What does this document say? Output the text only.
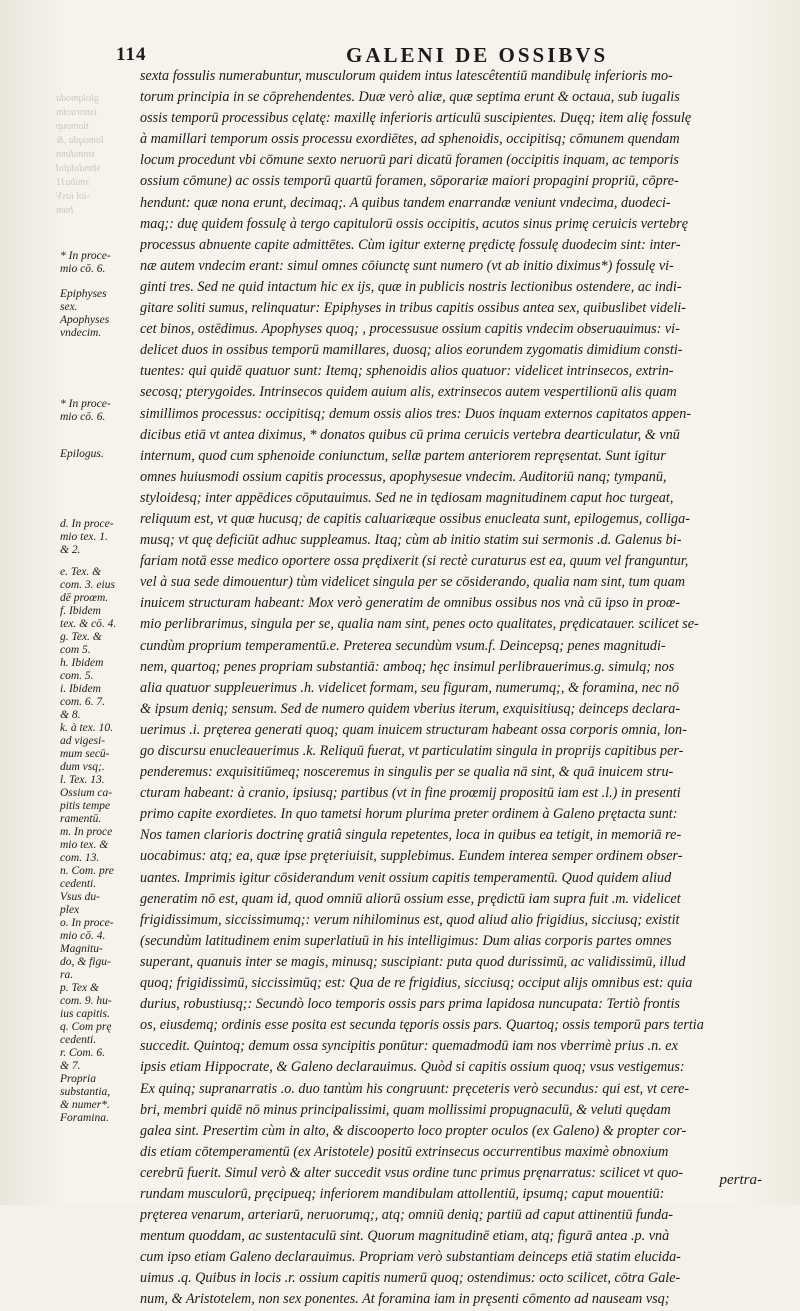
glolqmoda
isnnruoim
tiomoup
lomoqda ,&
stnmdimn
sbmdɪdqiıd
smibu11
-iol iasV
bum
114	GALENI DE OSSIBVS
* In proce-
mio cō. 6.
Epiphyses
sex.
Apophyses
vndecim.
* In proce-
mio cō. 6.
Epilogus.
d. In proce-
mio tex. 1.
& 2.
e. Tex. &
com. 3. eius
dē proœm.
f. Ibidem
tex. & cō. 4.
g. Tex. &
com 5.
h. Ibidem
com. 5.
i. Ibidem
com. 6. 7.
& 8.
k. à tex. 10.
ad vigesi-
mum secū-
dum vsq;.
l. Tex. 13.
Ossium ca-
pitis tempe
ramentū.
m. In proce
mio tex. &
com. 13.
n. Com. pre
cedenti.
Vsus du-
plex
o. In proce-
mio cō. 4.
Magnitu-
do, & figu-
ra.
p. Tex &
com. 9. hu-
ius capitis.
q. Com prę
cedenti.
r. Com. 6.
& 7.
Propria
substantia,
& numer*.
Foramina.
sexta fossulis numerabuntur, musculorum quidem intus latescêtentiū mandibulę inferioris mo-
torum principia in se cōprehendentes. Duæ verò aliæ, quæ septima erunt & octaua, sub iugalis
ossis temporū processibus cęlatę: maxillę inferioris articulū suscipientes. Duęq; item alię fossulę
à mamillari temporum ossis processu exordiētes, ad sphenoidis, occipitisq; cōmunem quendam
locum procedunt vbi cōmune sexto neruorū pari dicatū foramen (occipitis inquam, ac temporis
ossium cōmune) ac ossis temporū quartū foramen, sōporariæ maiori propagini propriū, cōpre-
hendunt: quæ nona erunt, decimaq;. A quibus tandem enarrandæ veniunt vndecima, duodeci-
maq;: duę quidem fossulę à tergo capitulorū ossis occipitis, acutos sinus primę ceruicis vertebrę
processus abnuente capite admittētes. Cùm igitur externę prędictę fossulę duodecim sint: inter-
næ autem vndecim erant: simul omnes cōiunctę sunt numero (vt ab initio diximus*) fossulę vi-
ginti tres. Sed ne quid intactum hic ex ijs, quæ in publicis nostris lectionibus ostendere, ac indi-
gitare soliti sumus, relinquatur: Epiphyses in tribus capitis ossibus antea sex, quibuslibet videli-
cet binos, ostēdimus. Apophyses quoq; , processusue ossium capitis vndecim obseruauimus: vi-
delicet duos in ossibus temporū mamillares, duosq; alios eorundem zygomatis dimidium consti-
tuentes: qui quidē quatuor sunt: Itemq; sphenoidis alios quatuor: videlicet intrinsecos, extrin-
secosq; pterygoides. Intrinsecos quidem auium alis, extrinsecos autem vespertilionū alis quam
simillimos processus: occipitisq; demum ossis alios tres: Duos inquam externos capitatos appen-
dicibus etiā vt antea diximus, * donatos quibus cū prima ceruicis vertebra dearticulatur, & vnū
internum, quod cum sphenoide coniunctum, sellæ partem anteriorem repręsentat. Sunt igitur
omnes huiusmodi ossium capitis processus, apophysesue vndecim. Auditoriū nanq; tympanū,
styloidesq; inter appēdices cōputauimus. Sed ne in tędiosam magnitudinem caput hoc turgeat,
reliquum est, vt quæ hucusq; de capitis caluariæque ossibus enucleata sunt, epilogemus, colliga-
musq; vt quę deficiūt adhuc suppleamus. Itaq; cùm ab initio statim sui sermonis .d. Galenus bi-
fariam notā esse medico oportere ossa prędixerit (si rectè curaturus est ea, quum vel franguntur,
vel à sua sede dimouentur) tùm videlicet singula per se cōsiderando, qualia nam sint, tum quam
inuicem structuram habeant: Mox verò generatim de omnibus ossibus nos vnà cū ipso in proœ-
mio perlibrarimus, singula per se, qualia nam sint, penes octo qualitates, prędicatauer. scilicet se-
cundùm proprium temperamentū.e. Preterea secundùm vsum.f. Deincepsq; penes magnitudi-
nem, quartoq; penes propriam substantiā: amboq; hęc insimul perlibrauerimus.g. simulq; nos
alia quatuor suppleuerimus .h. videlicet formam, seu figuram, numerumq;, & foramina, nec nō
& ipsum deniq; sensum. Sed de numero quidem vberius iterum, exquisitiusq; deinceps declara-
uerimus .i. pręterea generati quoq; quam inuicem structuram habeant ossa corporis omnia, lon-
go discursu enucleauerimus .k. Reliquū fuerat, vt particulatim singula in proprijs capitibus per-
penderemus: exquisitiūmeq; nosceremus in singulis per se qualia nā sint, & quā inuicem stru-
cturam habeant: à cranio, ipsiusq; partibus (vt in fine proœmij propositū iam est .l.) in presenti
primo capite exordietes. In quo tametsi horum plurima preter ordinem à Galeno prętacta sunt:
Nos tamen clarioris doctrinę gratiâ singula repetentes, loca in quibus ea tetigit, in memoriā re-
uocabimus: atq; ea, quæ ipse pręteriuisit, supplebimus. Eundem interea semper ordinem obser-
uantes. Imprimis igitur cōsiderandum venit ossium capitis temperamentū. Quod quidem aliud
generatim nō est, quam id, quod omniū aliorū ossium esse, prędictū iam supra fuit .m. videlicet
frigidissimum, siccissimumq;: verum nihilominus est, quod aliud alio frigidius, sicciusq; existit
(secundùm latitudinem enim superlatiuū in his intelligimus: Dum alias corporis partes omnes
superant, quanuis inter se magis, minusq; suscipiant: puta quod durissimū, ac validissimū, illud
quoq; frigidissimū, siccissimūq; est: Qua de re frigidius, sicciusq; occiput alijs omnibus est: quia
durius, robustiusq;: Secundò loco temporis ossis pars prima lapidosa nuncupata: Tertiò frontis
os, eiusdemq; ordinis esse posita est secunda tęporis ossis pars. Quartoq; ossis temporū pars tertia
succedit. Quintoq; demum ossa syncipitis ponūtur: quemadmodū iam nos vberrimè prius .n. ex
ipsis etiam Hippocrate, & Galeno declarauimus. Quòd si capitis ossium quoq; vsus vestigemus:
Ex quinq; supranarratis .o. duo tantùm his congruunt: pręceteris verò secundus: qui est, vt cere-
bri, membri quidē nō minus principalissimi, quam mollissimi propugnaculū, & veluti quędam
galea sint. Presertim cùm in alto, & discooperto loco propter oculos (ex Galeno) & propter cor-
dis etiam cōtemperamentū (ex Aristotele) positū extrinsecus occurrentibus maximè obnoxium
cerebrū fuerit. Simul verò & alter succedit vsus ordine tunc primus pręnarratus: scilicet vt quo-
rundam musculorū, pręcipueq; inferiorem mandibulam attollentiū, ipsumq; caput mouentiū:
pręterea venarum, arteriarū, neruorumq;, atq; omniū deniq; partiū ad caput attinentiū funda-
mentum quoddam, ac sustentaculū sint. Quorum magnitudinē etiam, atq; figurā antea .p. vnà
cum ipso etiam Galeno declarauimus. Propriam verò substantiam deinceps etiā statim elucida-
uimus .q. Quibus in locis .r. ossium capitis numerū quoq; ostendimus: octo scilicet, cōtra Gale-
num, & Aristotelem, non sex ponentes. At foramina iam in pręsenti cōmento ad nauseam vsq;
pertra-
